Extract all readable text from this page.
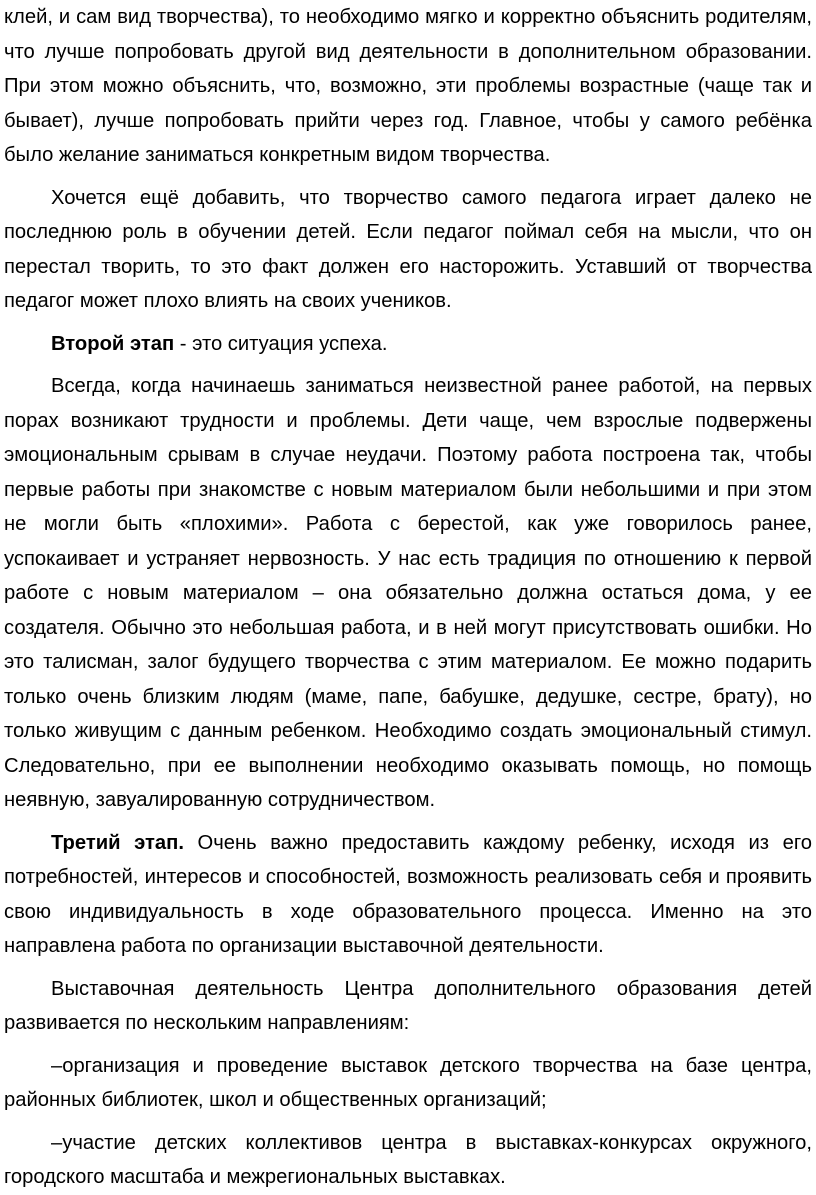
клей, и сам вид творчества), то необходимо мягко и корректно объяснить родителям, что лучше попробовать другой вид деятельности в дополнительном образовании. При этом можно объяснить, что, возможно, эти проблемы возрастные (чаще так и бывает), лучше попробовать прийти через год. Главное, чтобы у самого ребёнка было желание заниматься конкретным видом творчества.

Хочется ещё добавить, что творчество самого педагога играет далеко не последнюю роль в обучении детей. Если педагог поймал себя на мысли, что он перестал творить, то это факт должен его насторожить. Уставший от творчества педагог может плохо влиять на своих учеников.

Второй этап - это ситуация успеха.

Всегда, когда начинаешь заниматься неизвестной ранее работой, на первых порах возникают трудности и проблемы. Дети чаще, чем взрослые подвержены эмоциональным срывам в случае неудачи. Поэтому работа построена так, чтобы первые работы при знакомстве с новым материалом были небольшими и при этом не могли быть «плохими». Работа с берестой, как уже говорилось ранее, успокаивает и устраняет нервозность. У нас есть традиция по отношению к первой работе с новым материалом – она обязательно должна остаться дома, у ее создателя. Обычно это небольшая работа, и в ней могут присутствовать ошибки. Но это талисман, залог будущего творчества с этим материалом. Ее можно подарить только очень близким людям (маме, папе, бабушке, дедушке, сестре, брату), но только живущим с данным ребенком. Необходимо создать эмоциональный стимул. Следовательно, при ее выполнении необходимо оказывать помощь, но помощь неявную, завуалированную сотрудничеством.

Третий этап. Очень важно предоставить каждому ребенку, исходя из его потребностей, интересов и способностей, возможность реализовать себя и проявить свою индивидуальность в ходе образовательного процесса. Именно на это направлена работа по организации выставочной деятельности.

Выставочная деятельность Центра дополнительного образования детей развивается по нескольким направлениям:

–организация и проведение выставок детского творчества на базе центра, районных библиотек, школ и общественных организаций;

–участие детских коллективов центра в выставках-конкурсах окружного, городского масштаба и межрегиональных выставках.
